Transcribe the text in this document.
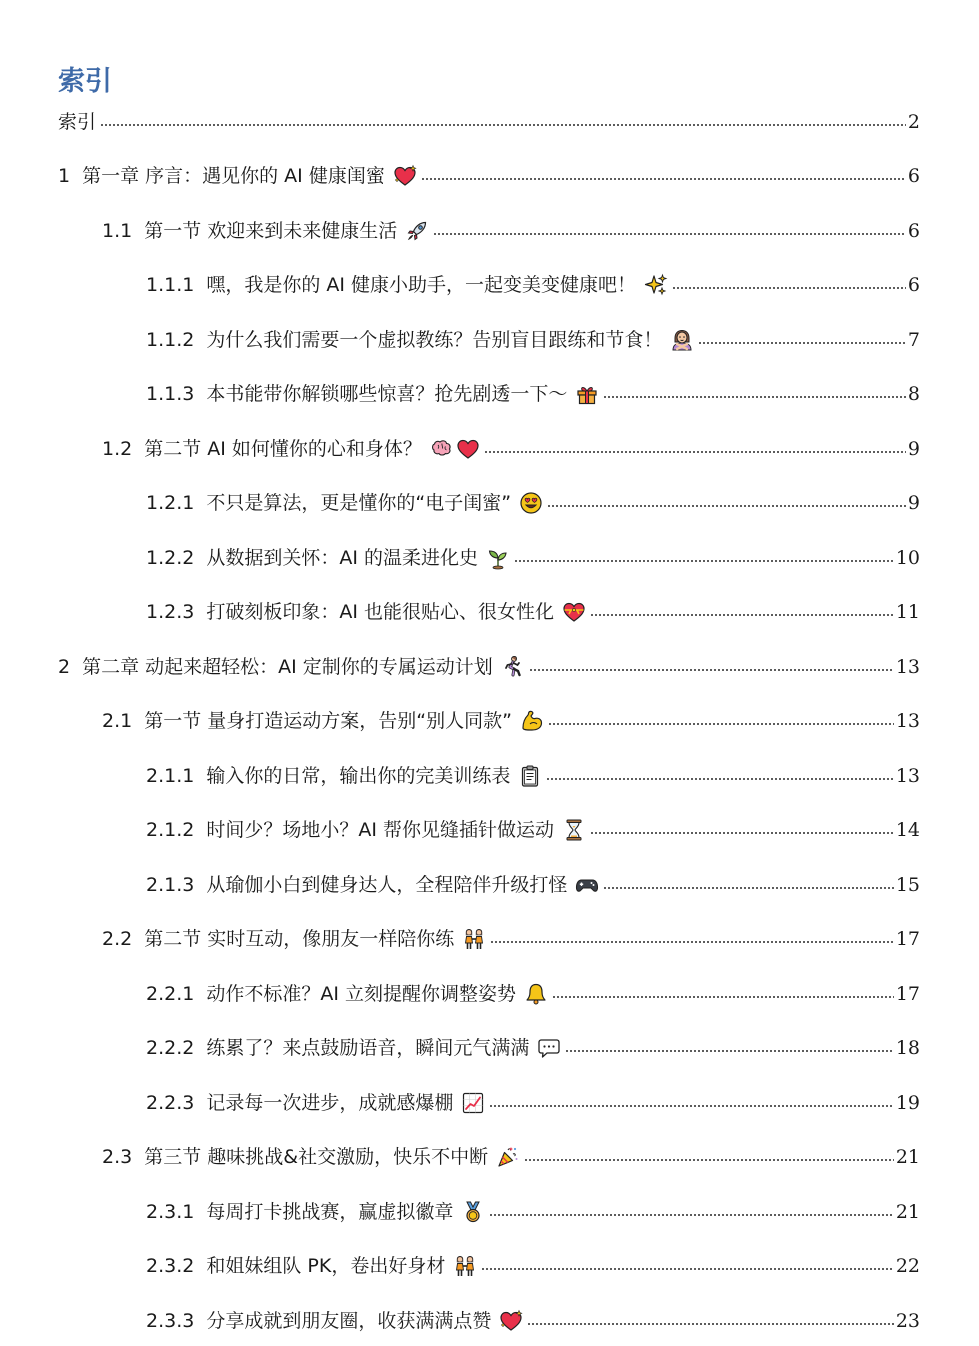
索引
索引	2
1 第一章 序言：遇见你的 AI 健康闺蜜	6
1.1 第一节 欢迎来到未来健康生活	6
1.1.1 嘿，我是你的 AI 健康小助手，一起变美变健康吧！	6
1.1.2 为什么我们需要一个虚拟教练？告别盲目跟练和节食！	7
1.1.3 本书能带你解锁哪些惊喜？抢先剧透一下～	8
1.2 第二节 AI 如何懂你的心和身体？	9
1.2.1 不只是算法，更是懂你的“电子闺蜜”	9
1.2.2 从数据到关怀：AI 的温柔进化史	10
1.2.3 打破刻板印象：AI 也能很贴心、很女性化	11
2 第二章 动起来超轻松：AI 定制你的专属运动计划	13
2.1 第一节 量身打造运动方案，告别“别人同款”	13
2.1.1 输入你的日常，输出你的完美训练表	13
2.1.2 时间少？场地小？AI 帮你见缝插针做运动	14
2.1.3 从瑜伽小白到健身达人，全程陪伴升级打怪	15
2.2 第二节 实时互动，像朋友一样陪你练	17
2.2.1 动作不标准？AI 立刻提醒你调整姿势	17
2.2.2 练累了？来点鼓励语音，瞬间元气满满	18
2.2.3 记录每一次进步，成就感爆棚	19
2.3 第三节 趣味挑战&社交激励，快乐不中断	21
2.3.1 每周打卡挑战赛，赢虚拟徽章	21
2.3.2 和姐妹组队 PK，卷出好身材	22
2.3.3 分享成就到朋友圈，收获满满点赞	23
